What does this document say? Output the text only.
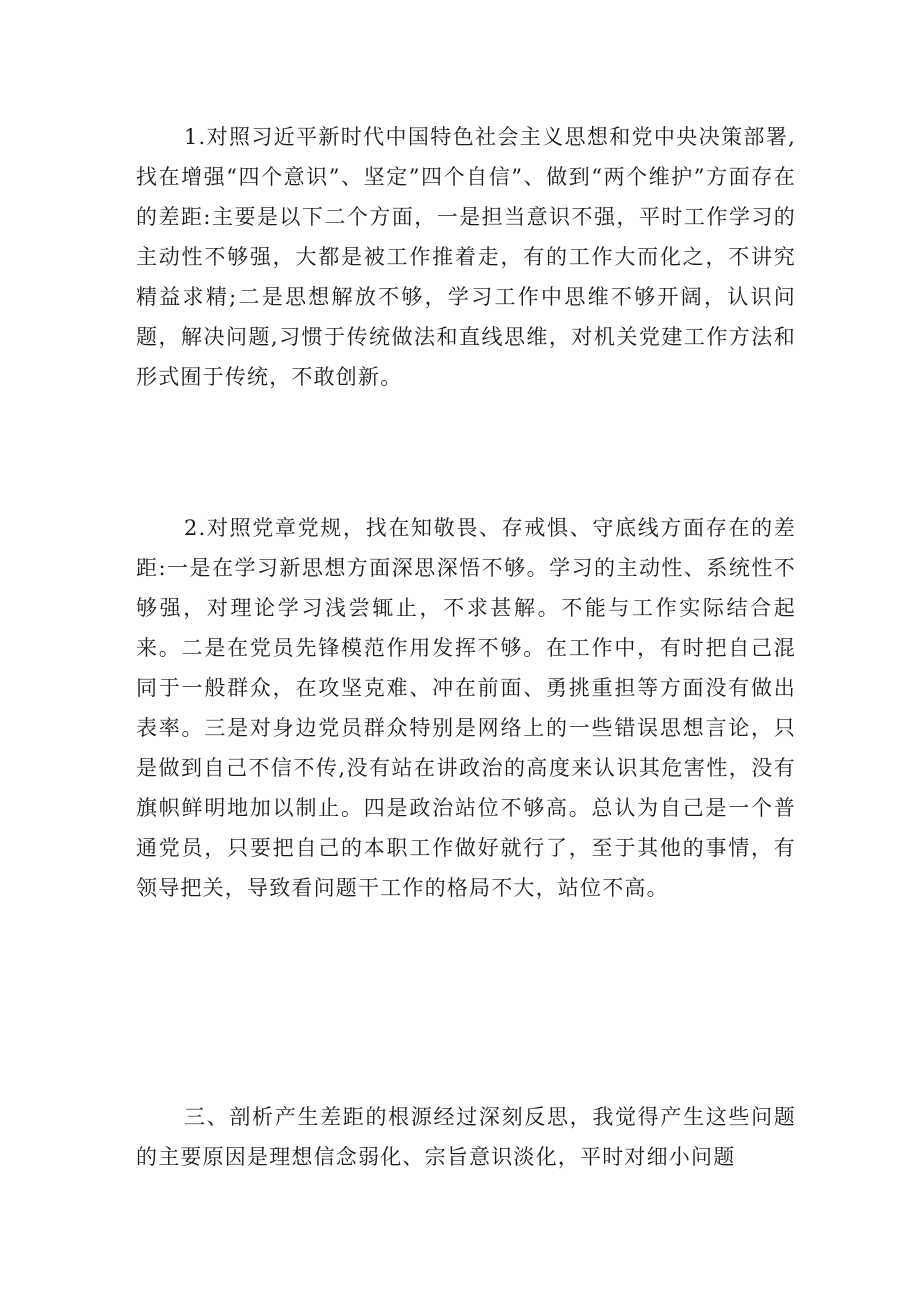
1.对照习近平新时代中国特色社会主义思想和党中央决策部署,找在增强“四个意识”、坚定”四个自信”、做到“两个维护”方面存在的差距:主要是以下二个方面，一是担当意识不强，平时工作学习的主动性不够强，大都是被工作推着走，有的工作大而化之，不讲究精益求精;二是思想解放不够，学习工作中思维不够开阔，认识问题，解决问题,习惯于传统做法和直线思维，对机关党建工作方法和形式囿于传统，不敢创新。

2.对照党章党规，找在知敬畏、存戒惧、守底线方面存在的差距:一是在学习新思想方面深思深悟不够。学习的主动性、系统性不够强，对理论学习浅尝辄止，不求甚解。不能与工作实际结合起来。二是在党员先锋模范作用发挥不够。在工作中，有时把自己混同于一般群众，在攻坚克难、冲在前面、勇挑重担等方面没有做出表率。三是对身边党员群众特别是网络上的一些错误思想言论，只是做到自己不信不传,没有站在讲政治的高度来认识其危害性，没有旗帜鲜明地加以制止。四是政治站位不够高。总认为自己是一个普通党员，只要把自己的本职工作做好就行了，至于其他的事情，有领导把关，导致看问题干工作的格局不大，站位不高。

三、剖析产生差距的根源经过深刻反思，我觉得产生这些问题的主要原因是理想信念弱化、宗旨意识淡化，平时对细小问题
